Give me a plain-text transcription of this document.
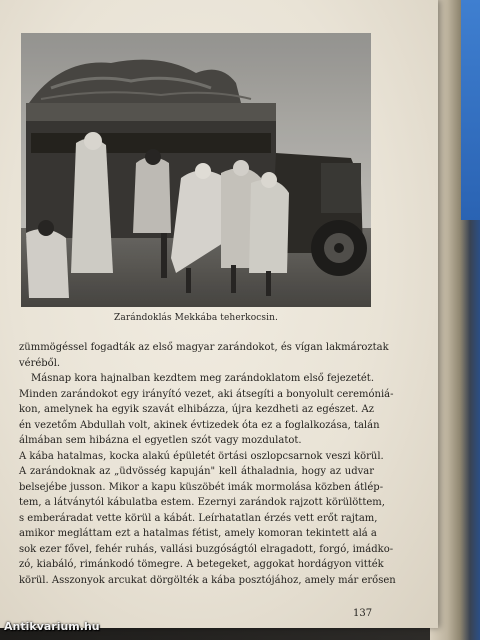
Zarándoklás Mekkába teherkocsin.
zümmögéssel fogadták az első magyar zarándokot, és vígan lakmároztak
véréből.
Másnap kora hajnalban kezdtem meg zarándoklatom első fejezetét.
Minden zarándokot egy irányító vezet, aki átsegíti a bonyolult ceremóniá-
kon, amelynek ha egyik szavát elhibázza, újra kezdheti az egészet. Az
én vezetőm Abdullah volt, akinek évtizedek óta ez a foglalkozása, talán
álmában sem hibázna el egyetlen szót vagy mozdulatot.
A kába hatalmas, kocka alakú épületét örtási oszlopcsarnok veszi körül.
A zarándoknak az „üdvösség kapuján" kell áthaladnia, hogy az udvar
belsejébe jusson. Mikor a kapu küszöbét imák mormolása közben átlép-
tem, a látványtól kábulatba estem. Ezernyi zarándok rajzott körülöttem,
s emberáradat vette körül a kábát. Leírhatatlan érzés vett erőt rajtam,
amikor megláttam ezt a hatalmas fétist, amely komoran tekintett alá a
sok ezer fővel, fehér ruhás, vallási buzgóságtól elragadott, forgó, imádko-
zó, kiabáló, rimánkodó tömegre. A betegeket, aggokat hordágyon vitték
körül. Asszonyok arcukat dörgölték a kába posztójához, amely már erősen
137
Antikvarium.hu
